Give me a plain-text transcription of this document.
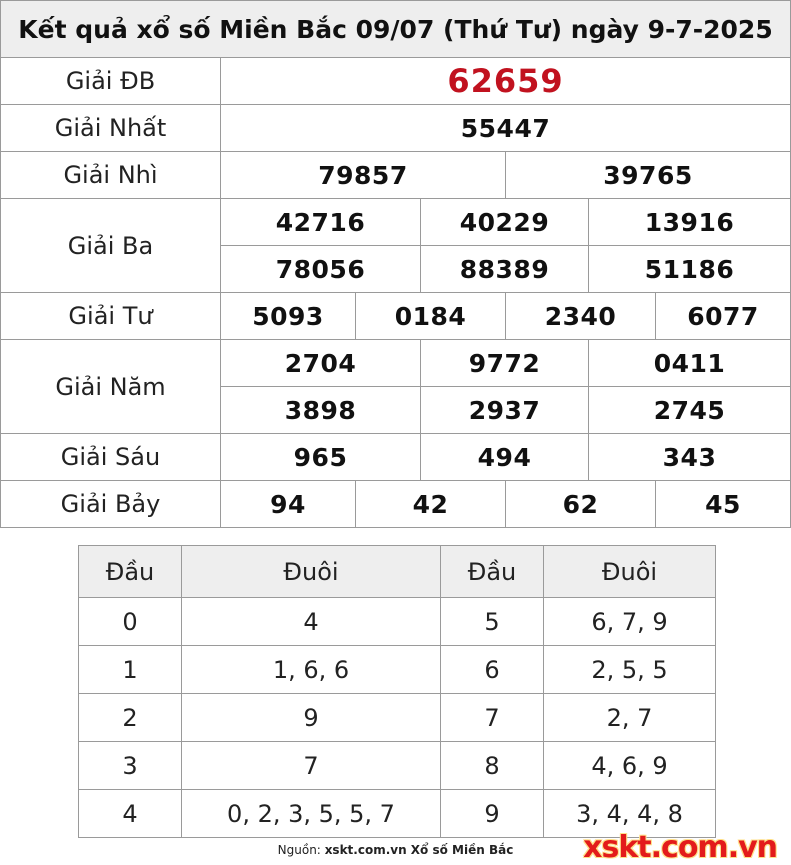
Kết quả xổ số Miền Bắc 09/07 (Thứ Tư) ngày 9-7-2025						
Giải ĐB	62659					
Giải Nhất	55447					
Giải Nhì	79857			39765		
Giải Ba	42716		40229		13916	
	78056		88389		51186	
Giải Tư	5093	0184		2340		6077
Giải Năm	2704		9772		0411	
	3898		2937		2745	
Giải Sáu	965		494		343	
Giải Bảy	94	42		62		45
Đầu	Đuôi	Đầu	Đuôi
0	4	5	6, 7, 9
1	1, 6, 6	6	2, 5, 5
2	9	7	2, 7
3	7	8	4, 6, 9
4	0, 2, 3, 5, 5, 7	9	3, 4, 4, 8
Nguồn: xskt.com.vn Xổ số Miền Bắc	xskt.com.vn
